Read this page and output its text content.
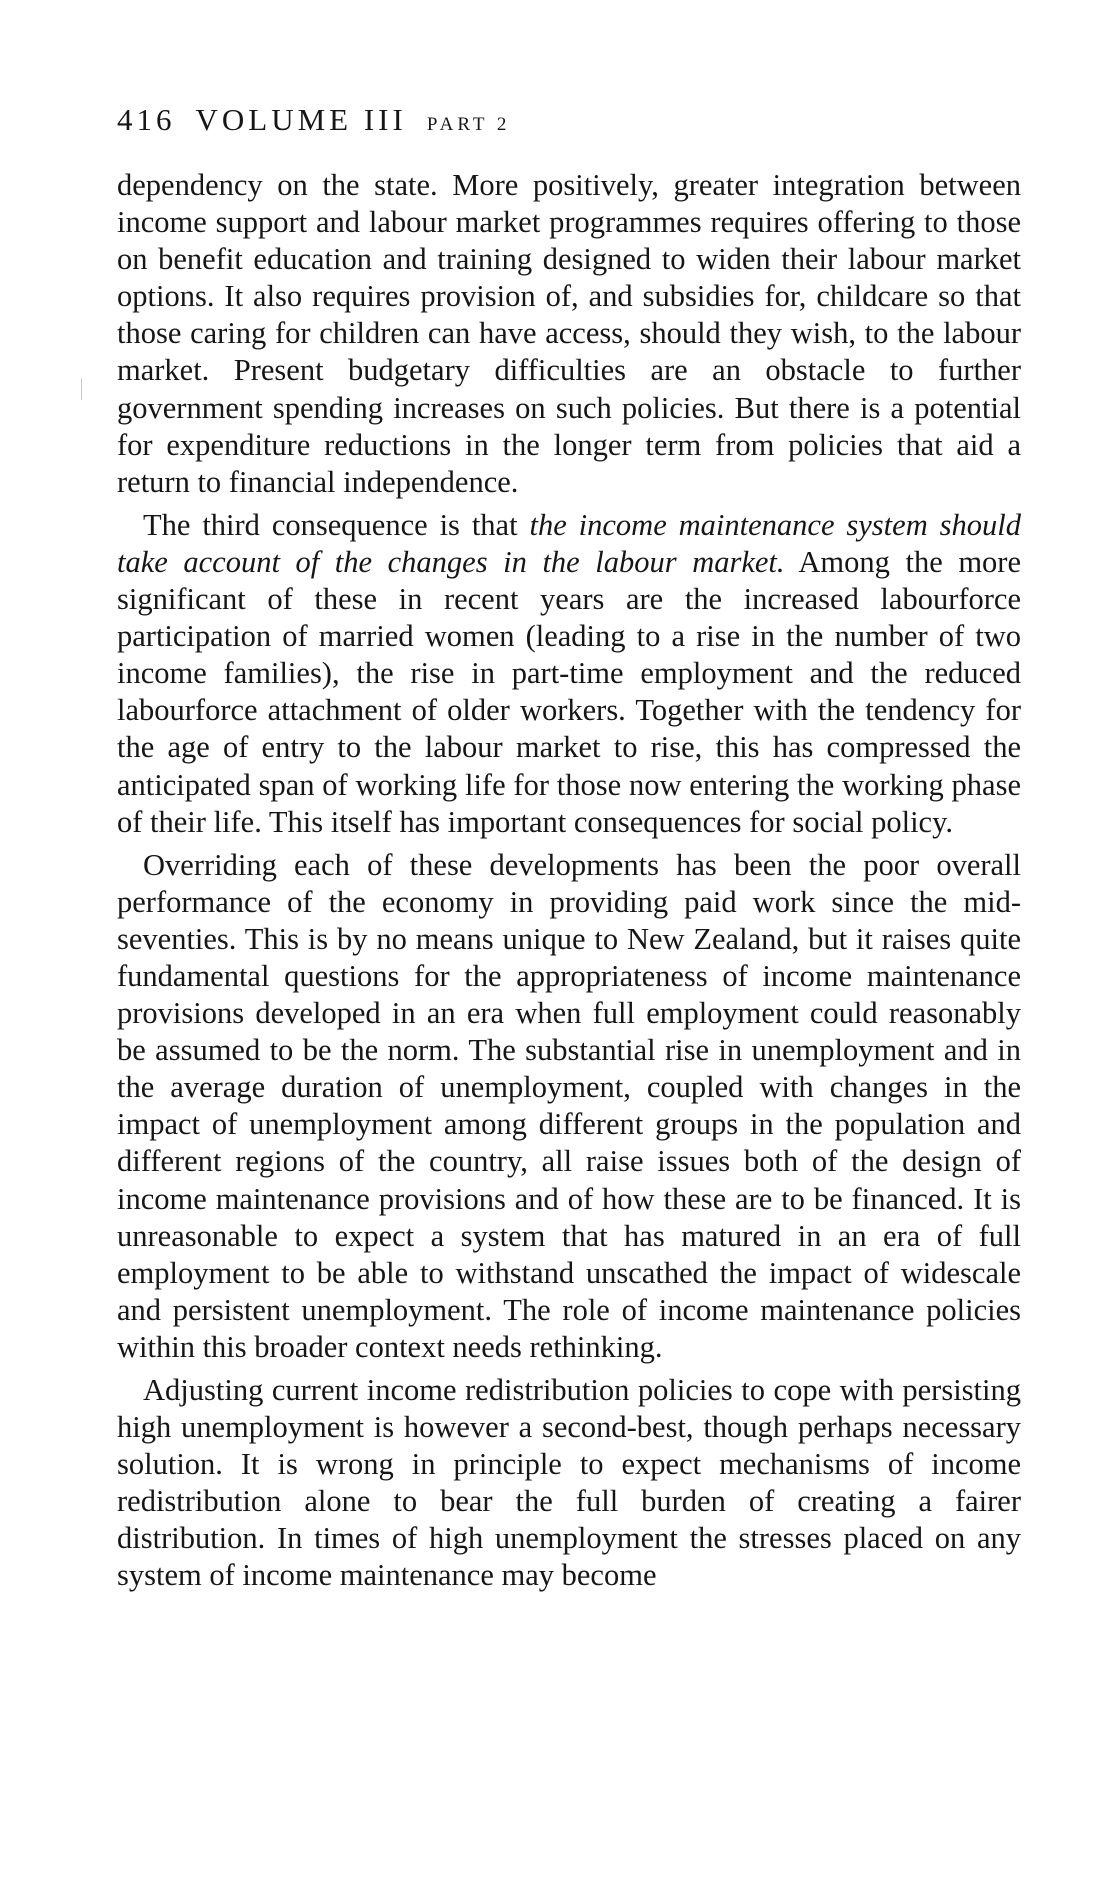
416 VOLUME III PART 2

dependency on the state. More positively, greater integration between income support and labour market programmes requires offering to those on benefit education and training designed to widen their labour market options. It also requires provision of, and subsidies for, childcare so that those caring for children can have access, should they wish, to the labour market. Present budgetary difficulties are an obstacle to further government spending increases on such policies. But there is a potential for expenditure reductions in the longer term from policies that aid a return to financial independence.

The third consequence is that the income maintenance system should take account of the changes in the labour market. Among the more significant of these in recent years are the increased labourforce participation of married women (leading to a rise in the number of two income families), the rise in part-time employment and the reduced labourforce attachment of older workers. Together with the tendency for the age of entry to the labour market to rise, this has compressed the anticipated span of working life for those now entering the working phase of their life. This itself has important consequences for social policy.

Overriding each of these developments has been the poor overall performance of the economy in providing paid work since the mid-seventies. This is by no means unique to New Zealand, but it raises quite fundamental questions for the appropriateness of income maintenance provisions developed in an era when full employment could reasonably be assumed to be the norm. The substantial rise in unemployment and in the average duration of unemployment, coupled with changes in the impact of unemployment among different groups in the population and different regions of the country, all raise issues both of the design of income maintenance provisions and of how these are to be financed. It is unreasonable to expect a system that has matured in an era of full employment to be able to withstand unscathed the impact of widescale and persistent unemployment. The role of income maintenance policies within this broader context needs rethinking.

Adjusting current income redistribution policies to cope with persisting high unemployment is however a second-best, though perhaps necessary solution. It is wrong in principle to expect mechanisms of income redistribution alone to bear the full burden of creating a fairer distribution. In times of high unemployment the stresses placed on any system of income maintenance may become
